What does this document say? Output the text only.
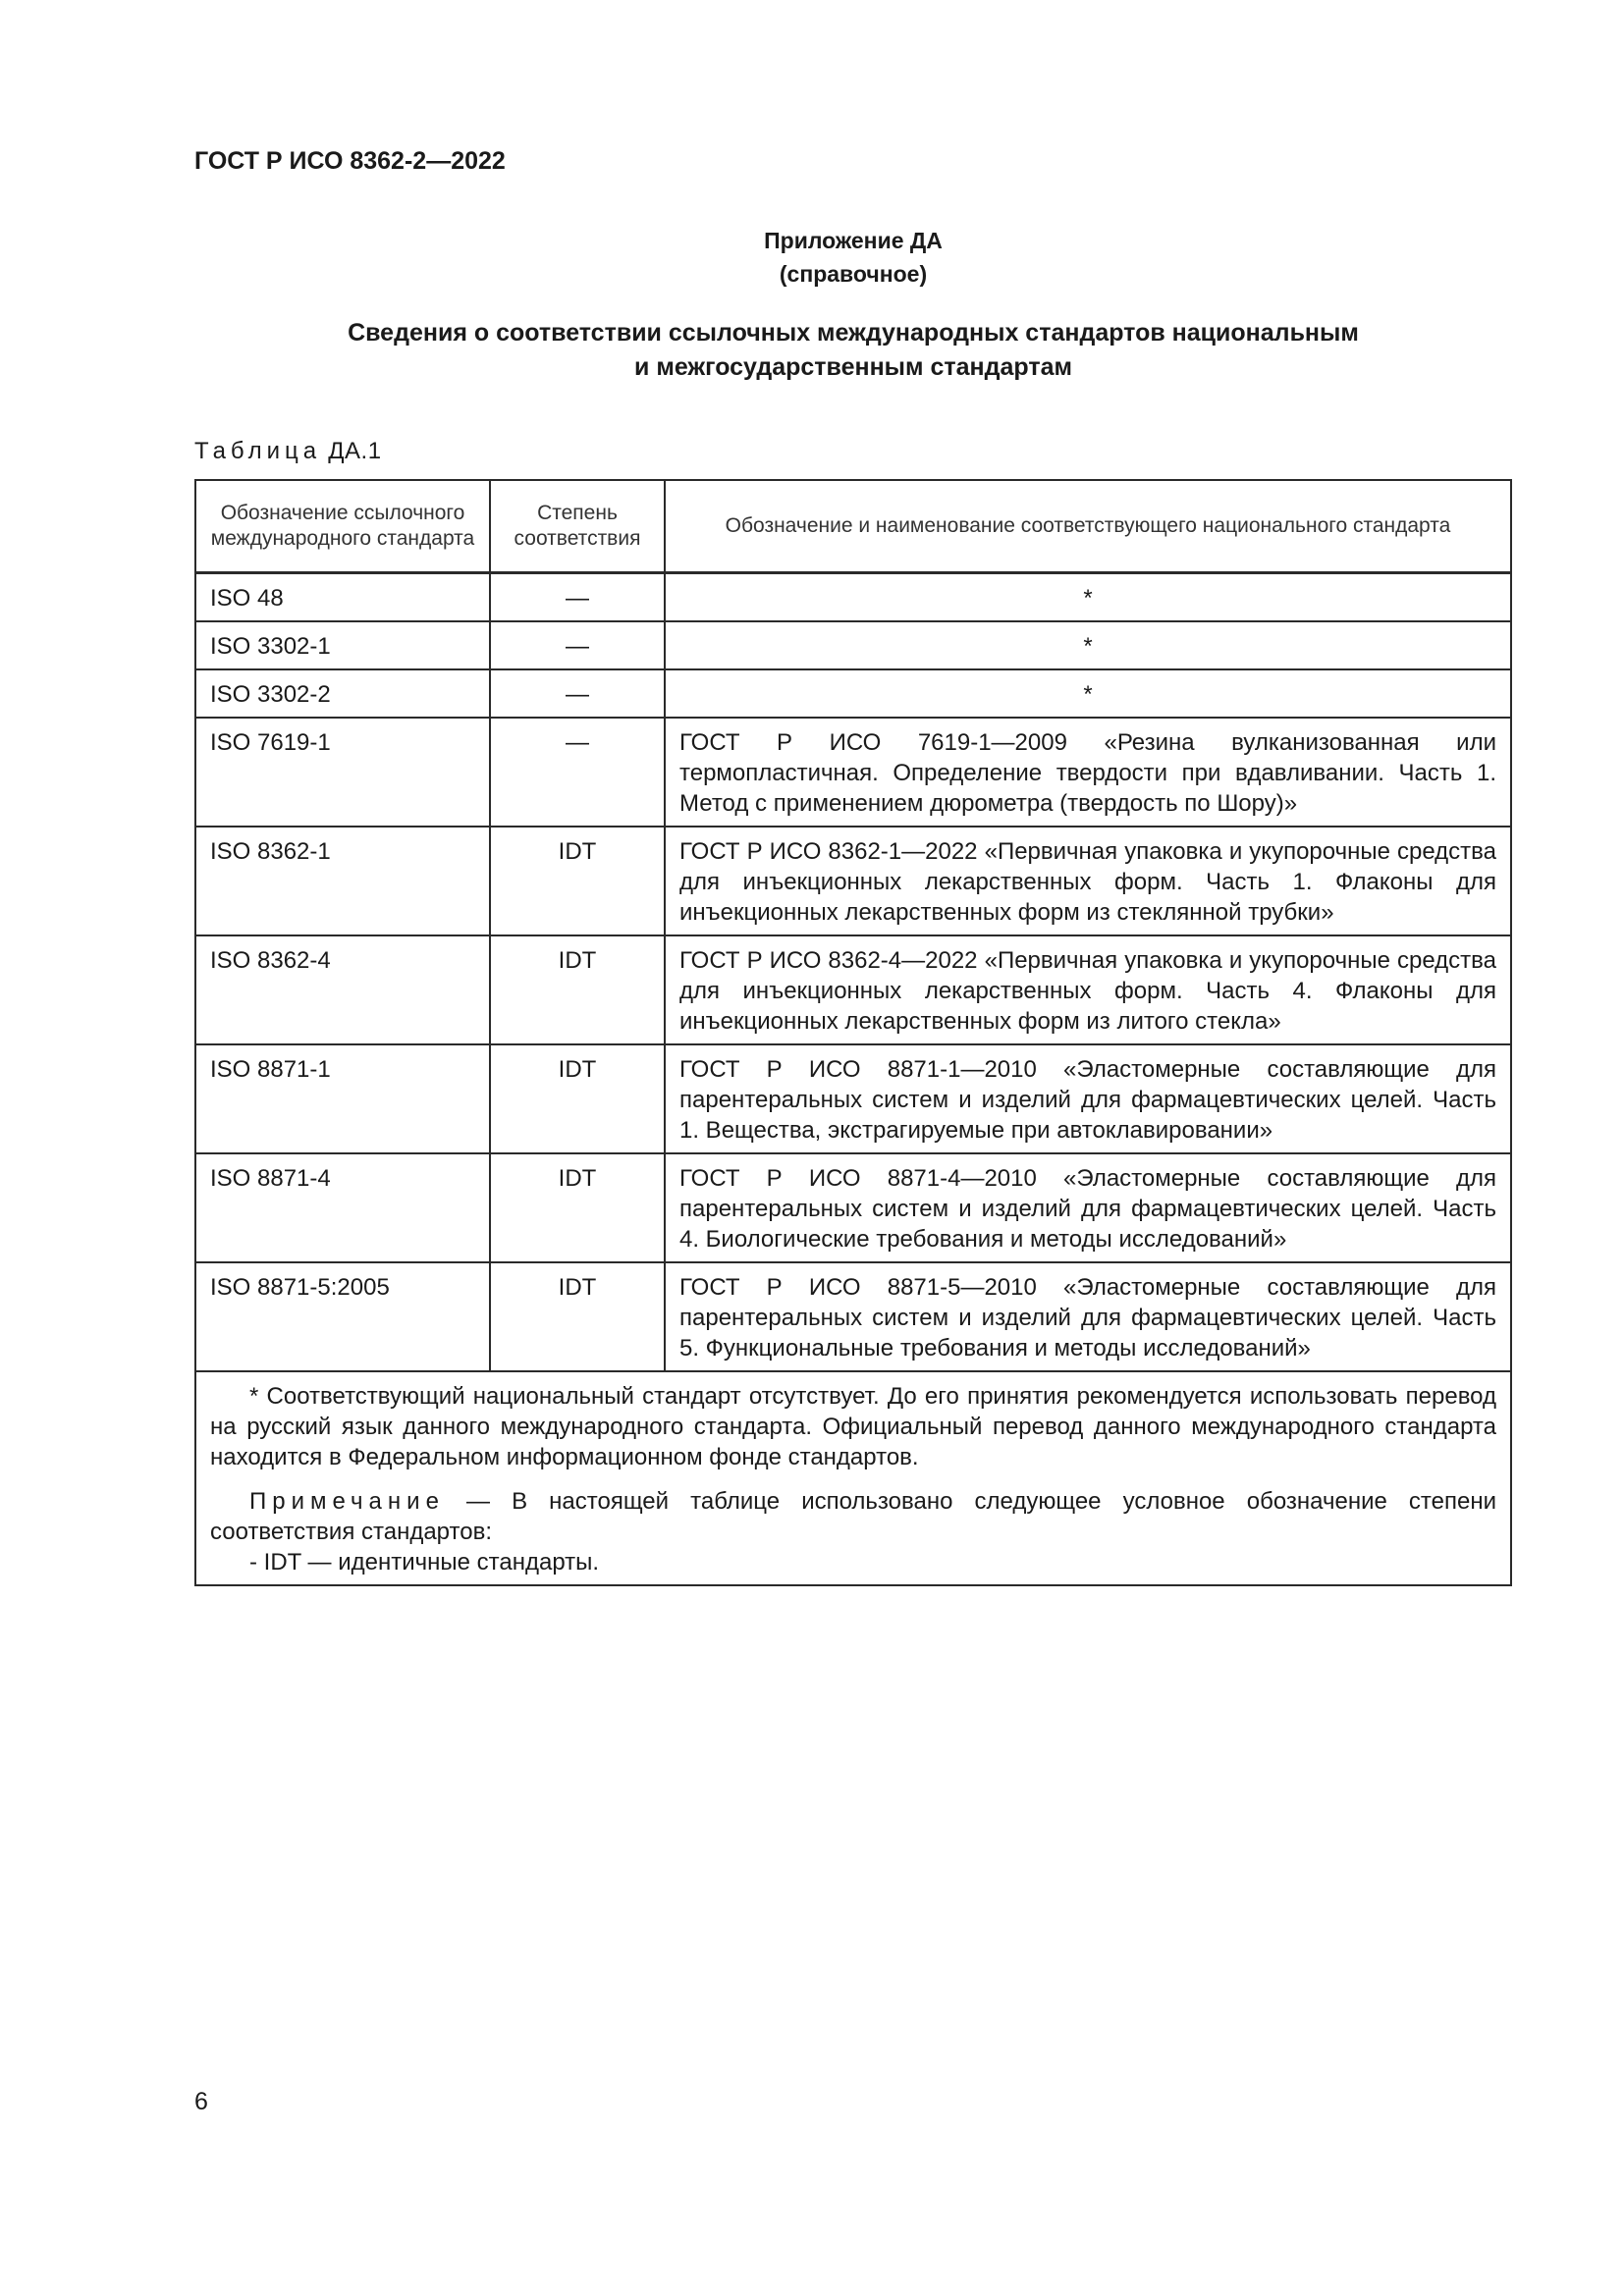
ГОСТ Р ИСО 8362-2—2022

Приложение ДА
(справочное)
Сведения о соответствии ссылочных международных стандартов национальным
и межгосударственным стандартам

Таблица ДА.1

Обозначение ссылочного международного стандарта	Степень соответствия	Обозначение и наименование соответствующего национального стандарта
ISO 48	—	*
ISO 3302-1	—	*
ISO 3302-2	—	*
ISO 7619-1	—	ГОСТ Р ИСО 7619-1—2009 «Резина вулканизованная или термопластичная. Определение твердости при вдавливании. Часть 1. Метод с применением дюрометра (твердость по Шору)»
ISO 8362-1	IDT	ГОСТ Р ИСО 8362-1—2022 «Первичная упаковка и укупорочные средства для инъекционных лекарственных форм. Часть 1. Флаконы для инъекционных лекарственных форм из стеклянной трубки»
ISO 8362-4	IDT	ГОСТ Р ИСО 8362-4—2022 «Первичная упаковка и укупорочные средства для инъекционных лекарственных форм. Часть 4. Флаконы для инъекционных лекарственных форм из литого стекла»
ISO 8871-1	IDT	ГОСТ Р ИСО 8871-1—2010 «Эластомерные составляющие для парентеральных систем и изделий для фармацевтических целей. Часть 1. Вещества, экстрагируемые при автоклавировании»
ISO 8871-4	IDT	ГОСТ Р ИСО 8871-4—2010 «Эластомерные составляющие для парентеральных систем и изделий для фармацевтических целей. Часть 4. Биологические требования и методы исследований»
ISO 8871-5:2005	IDT	ГОСТ Р ИСО 8871-5—2010 «Эластомерные составляющие для парентеральных систем и изделий для фармацевтических целей. Часть 5. Функциональные требования и методы исследований»

* Соответствующий национальный стандарт отсутствует. До его принятия рекомендуется использовать перевод на русский язык данного международного стандарта. Официальный перевод данного международного стандарта находится в Федеральном информационном фонде стандартов.

Примечание — В настоящей таблице использовано следующее условное обозначение степени соответствия стандартов:

- IDT — идентичные стандарты.		

6
